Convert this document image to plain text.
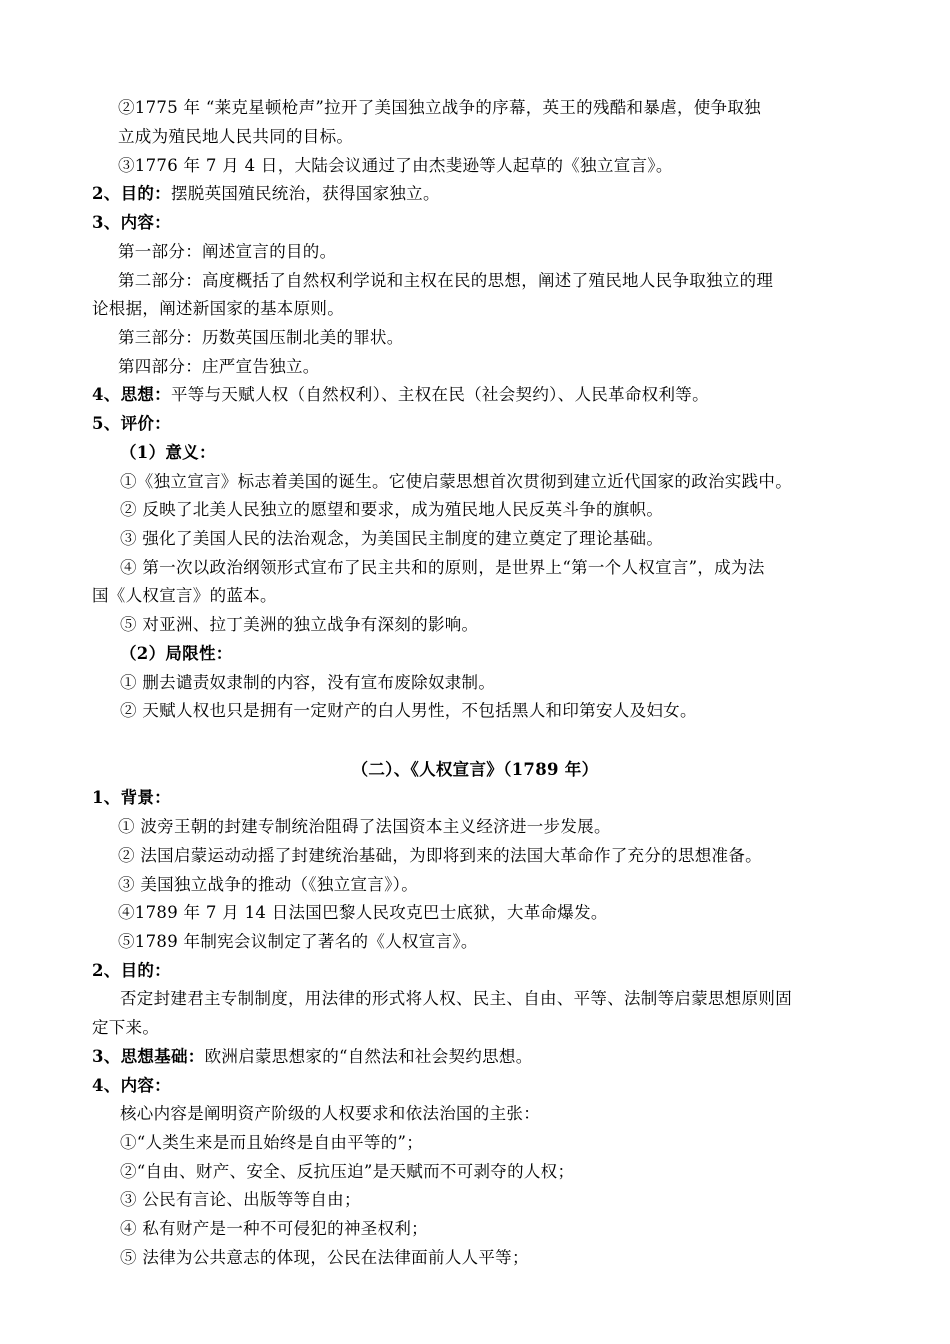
②1775 年 “莱克星顿枪声”拉开了美国独立战争的序幕，英王的残酷和暴虐，使争取独
立成为殖民地人民共同的目标。
③1776 年 7 月 4 日，大陆会议通过了由杰斐逊等人起草的《独立宣言》。
2、目的：摆脱英国殖民统治，获得国家独立。
3、内容：
第一部分：阐述宣言的目的。
第二部分：高度概括了自然权利学说和主权在民的思想，阐述了殖民地人民争取独立的理
论根据，阐述新国家的基本原则。
第三部分：历数英国压制北美的罪状。
第四部分：庄严宣告独立。
4、思想：平等与天赋人权（自然权利）、主权在民（社会契约）、人民革命权利等。
5、评价：
（1）意义：
①《独立宣言》标志着美国的诞生。它使启蒙思想首次贯彻到建立近代国家的政治实践中。
② 反映了北美人民独立的愿望和要求，成为殖民地人民反英斗争的旗帜。
③ 强化了美国人民的法治观念，为美国民主制度的建立奠定了理论基础。
④ 第一次以政治纲领形式宣布了民主共和的原则，是世界上“第一个人权宣言”，成为法
国《人权宣言》的蓝本。
⑤ 对亚洲、拉丁美洲的独立战争有深刻的影响。
（2）局限性：
① 删去谴责奴隶制的内容，没有宣布废除奴隶制。
② 天赋人权也只是拥有一定财产的白人男性，不包括黑人和印第安人及妇女。
（二）、《人权宣言》（1789 年）
1、背景：
① 波旁王朝的封建专制统治阻碍了法国资本主义经济进一步发展。
② 法国启蒙运动动摇了封建统治基础，为即将到来的法国大革命作了充分的思想准备。
③ 美国独立战争的推动（《独立宣言》）。
④1789 年 7 月 14 日法国巴黎人民攻克巴士底狱，大革命爆发。
⑤1789 年制宪会议制定了著名的《人权宣言》。
2、目的：
否定封建君主专制制度，用法律的形式将人权、民主、自由、平等、法制等启蒙思想原则固
定下来。
3、思想基础：欧洲启蒙思想家的“自然法和社会契约思想。
4、内容：
核心内容是阐明资产阶级的人权要求和依法治国的主张：
①“人类生来是而且始终是自由平等的”；
②“自由、财产、安全、反抗压迫”是天赋而不可剥夺的人权；
③ 公民有言论、出版等等自由；
④ 私有财产是一种不可侵犯的神圣权利；
⑤ 法律为公共意志的体现，公民在法律面前人人平等；
